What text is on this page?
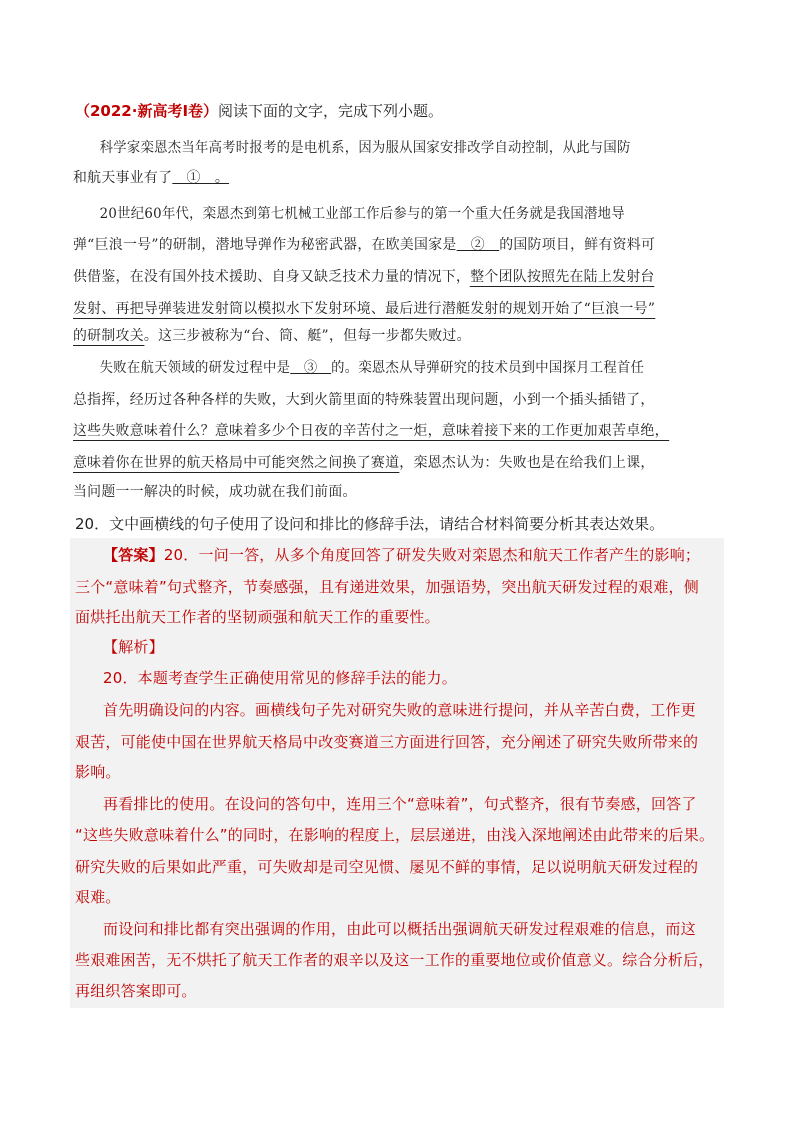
（2022·新高考Ⅰ卷）阅读下面的文字，完成下列小题。
科学家栾恩杰当年高考时报考的是电机系，因为服从国家安排改学自动控制，从此与国防
和航天事业有了　①　。
20世纪60年代，栾恩杰到第七机械工业部工作后参与的第一个重大任务就是我国潜地导
弹“巨浪一号”的研制，潜地导弹作为秘密武器，在欧美国家是　②　的国防项目，鲜有资料可
供借鉴，在没有国外技术援助、自身又缺乏技术力量的情况下，整个团队按照先在陆上发射台
发射、再把导弹装进发射筒以模拟水下发射环境、最后进行潜艇发射的规划开始了“巨浪一号”
的研制攻关。这三步被称为“台、筒、艇”，但每一步都失败过。
失败在航天领域的研发过程中是　③　的。栾恩杰从导弹研究的技术员到中国探月工程首任
总指挥，经历过各种各样的失败，大到火箭里面的特殊装置出现问题，小到一个插头插错了，
这些失败意味着什么？意味着多少个日夜的辛苦付之一炬，意味着接下来的工作更加艰苦卓绝，
意味着你在世界的航天格局中可能突然之间换了赛道，栾恩杰认为：失败也是在给我们上课，
当问题一一解决的时候，成功就在我们前面。
20．文中画横线的句子使用了设问和排比的修辞手法，请结合材料简要分析其表达效果。
【答案】20．一问一答，从多个角度回答了研发失败对栾恩杰和航天工作者产生的影响；
三个“意味着”句式整齐，节奏感强，且有递进效果，加强语势，突出航天研发过程的艰难，侧
面烘托出航天工作者的坚韧顽强和航天工作的重要性。
【解析】
20．本题考查学生正确使用常见的修辞手法的能力。
首先明确设问的内容。画横线句子先对研究失败的意味进行提问，并从辛苦白费，工作更
艰苦，可能使中国在世界航天格局中改变赛道三方面进行回答，充分阐述了研究失败所带来的
影响。
再看排比的使用。在设问的答句中，连用三个“意味着”，句式整齐，很有节奏感，回答了
“这些失败意味着什么”的同时，在影响的程度上，层层递进，由浅入深地阐述由此带来的后果。
研究失败的后果如此严重，可失败却是司空见惯、屡见不鲜的事情，足以说明航天研发过程的
艰难。
而设问和排比都有突出强调的作用，由此可以概括出强调航天研发过程艰难的信息，而这
些艰难困苦，无不烘托了航天工作者的艰辛以及这一工作的重要地位或价值意义。综合分析后，
再组织答案即可。
